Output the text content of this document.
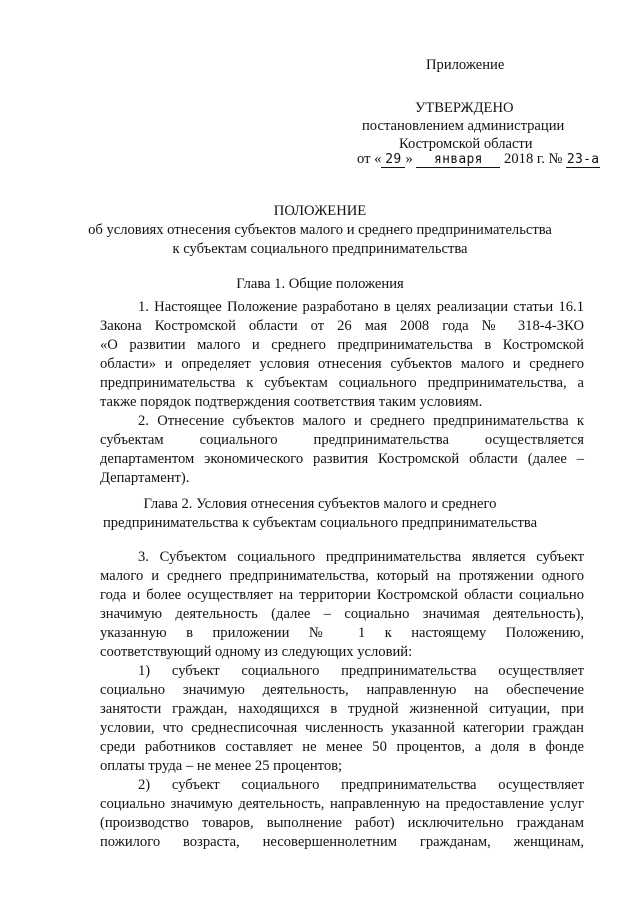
Приложение
УТВЕРЖДЕНО
постановлением администрации
Костромской области
от « 29 » января 2018 г. № 23-а
ПОЛОЖЕНИЕ
об условиях отнесения субъектов малого и среднего предпринимательства
к субъектам социального предпринимательства
Глава 1. Общие положения
1. Настоящее Положение разработано в целях реализации статьи 16.1
Закона Костромской области от 26 мая 2008 года № 318-4-ЗКО
«О развитии малого и среднего предпринимательства в Костромской
области» и определяет условия отнесения субъектов малого и среднего
предпринимательства к субъектам социального предпринимательства, а
также порядок подтверждения соответствия таким условиям.
2. Отнесение субъектов малого и среднего предпринимательства к
субъектам социального предпринимательства осуществляется
департаментом экономического развития Костромской области (далее –
Департамент).
Глава 2. Условия отнесения субъектов малого и среднего
предпринимательства к субъектам социального предпринимательства
3. Субъектом социального предпринимательства является субъект
малого и среднего предпринимательства, который на протяжении одного
года и более осуществляет на территории Костромской области социально
значимую деятельность (далее – социально значимая деятельность),
указанную в приложении № 1 к настоящему Положению,
соответствующий одному из следующих условий:
1) субъект социального предпринимательства осуществляет
социально значимую деятельность, направленную на обеспечение
занятости граждан, находящихся в трудной жизненной ситуации, при
условии, что среднесписочная численность указанной категории граждан
среди работников составляет не менее 50 процентов, а доля в фонде
оплаты труда – не менее 25 процентов;
2) субъект социального предпринимательства осуществляет
социально значимую деятельность, направленную на предоставление услуг
(производство товаров, выполнение работ) исключительно гражданам
пожилого возраста, несовершеннолетним гражданам, женщинам,
